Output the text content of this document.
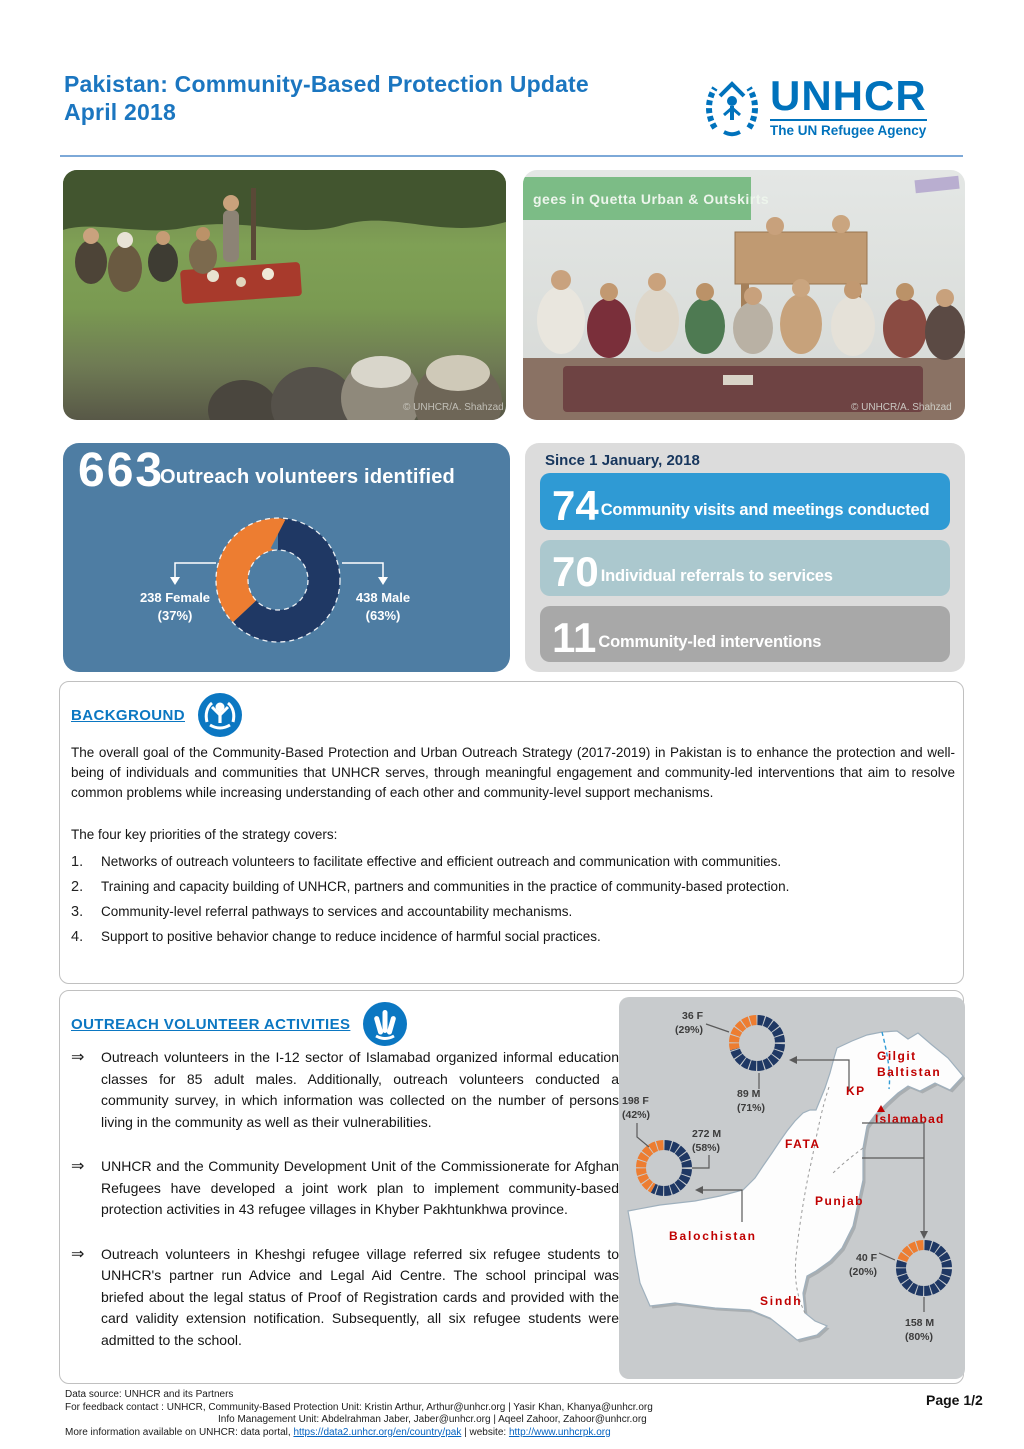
Pakistan: Community-Based Protection Update
April 2018	UNHCR
The UN Refugee Agency
© UNHCR/A. Shahzad
gees in Quetta Urban & Outskirts
© UNHCR/A. Shahzad
663
Outreach volunteers identified
238 Female
(37%)
438 Male
(63%)
Since 1 January, 2018
74 Community visits and meetings conducted
70 Individual referrals to services
11 Community-led interventions
BACKGROUND
The overall goal of the Community-Based Protection and Urban Outreach Strategy (2017-2019) in Pakistan is to enhance the protection and well-being of individuals and communities that UNHCR serves, through meaningful engagement and community-led interventions that aim to resolve common problems while increasing understanding of each other and community-level support mechanisms.
The four key priorities of the strategy covers:
Networks of outreach volunteers to facilitate effective and efficient outreach and communication with communities.
Training and capacity building of UNHCR, partners and communities in the practice of community-based protection.
Community-level referral pathways to services and accountability mechanisms.
Support to positive behavior change to reduce incidence of harmful social practices.
OUTREACH VOLUNTEER ACTIVITIES
⇒	Outreach volunteers in the I-12 sector of Islamabad organized informal education classes for 85 adult males. Additionally, outreach volunteers conducted a community survey, in which information was collected on the number of persons living in the community as well as their vulnerabilities.
⇒	UNHCR and the Community Development Unit of the Commissionerate for Afghan Refugees have developed a joint work plan to implement community-based protection activities in 43 refugee villages in Khyber Pakhtunkhwa province.
⇒	Outreach volunteers in Kheshgi refugee village referred six refugee students to UNHCR's partner run Advice and Legal Aid Centre. The school principal was briefed about the legal status of Proof of Registration cards and provided with the card validity extension notification. Subsequently, all six refugee students were admitted to the school.
Gilgit
Baltistan
KP
Islamabad
FATA
Punjab
Balochistan
Sindh
36 F
(29%)
89 M
(71%)
198 F
(42%)
272 M
(58%)
40 F
(20%)
158 M
(80%)
Data source: UNHCR and its Partners
For feedback contact : UNHCR, Community-Based Protection Unit: Kristin Arthur, Arthur@unhcr.org | Yasir Khan, Khanya@unhcr.org
Info Management Unit: Abdelrahman Jaber, Jaber@unhcr.org | Aqeel Zahoor, Zahoor@unhcr.org
More information available on UNHCR: data portal, https://data2.unhcr.org/en/country/pak | website: http://www.unhcrpk.org
Page 1/2
